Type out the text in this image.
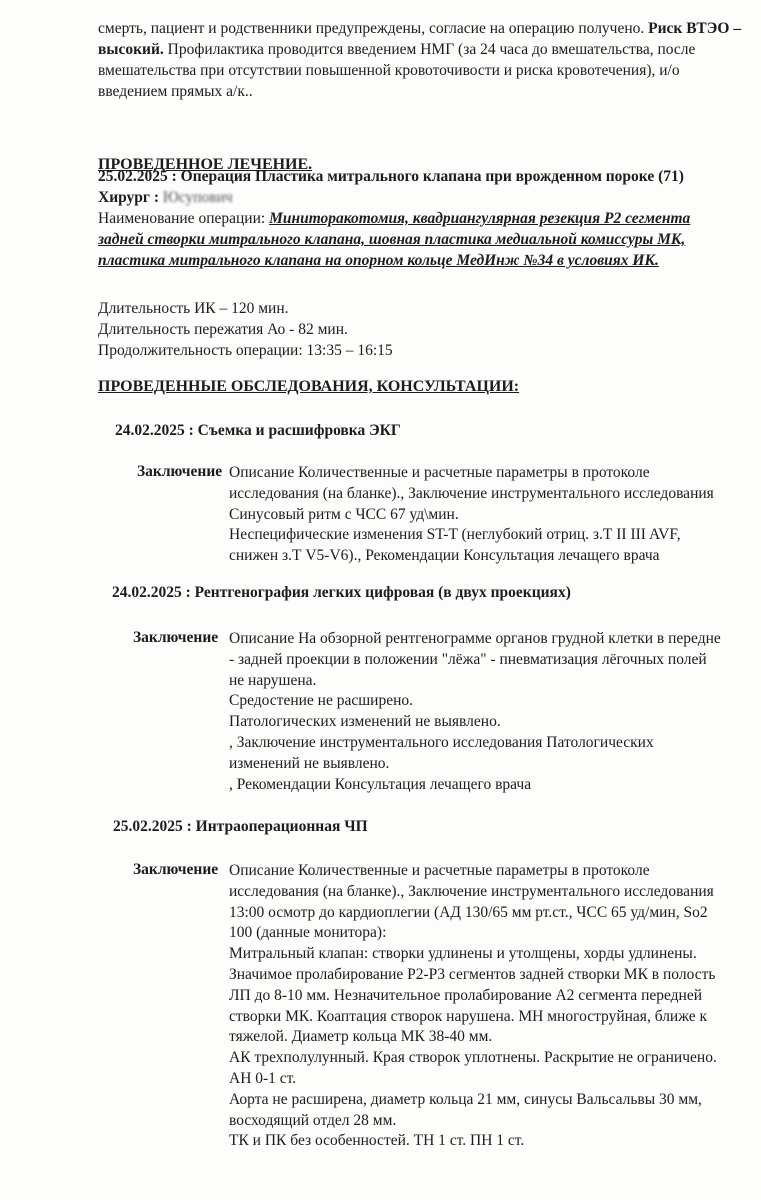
смерть, пациент и родственники предупреждены, согласие на операцию получено. Риск ВТЭО – высокий. Профилактика проводится введением НМГ (за 24 часа до вмешательства, после вмешательства при отсутствии повышенной кровоточивости и риска кровотечения), и/о введением прямых а/к..
ПРОВЕДЕННОЕ ЛЕЧЕНИЕ.
25.02.2025 : Операция Пластика митрального клапана при врожденном пороке (71)
Хирург : Юсупович
Наименование операции: Миниторакотомия, квадриангулярная резекция Р2 сегмента
задней створки митрального клапана, шовная пластика медиальной комиссуры МК,
пластика митрального клапана на опорном кольце МедИнж №34 в условиях ИК.
Длительность ИК – 120 мин.
Длительность пережатия Ао - 82 мин.
Продолжительность операции: 13:35 – 16:15
ПРОВЕДЕННЫЕ ОБСЛЕДОВАНИЯ, КОНСУЛЬТАЦИИ:
24.02.2025 : Съемка и расшифровка ЭКГ
Заключение Описание Количественные и расчетные параметры в протоколе
исследования (на бланке)., Заключение инструментального исследования
Синусовый ритм с ЧСС 67 уд\мин.
Неспецифические изменения ST-T (неглубокий отриц. з.Т II III AVF,
снижен з.Т V5-V6)., Рекомендации Консультация лечащего врача
24.02.2025 : Рентгенография легких цифровая (в двух проекциях)
Заключение Описание На обзорной рентгенограмме органов грудной клетки в передне
- задней проекции в положении "лёжа" - пневматизация лёгочных полей
не нарушена.
Средостение не расширено.
Патологических изменений не выявлено.
, Заключение инструментального исследования Патологических
изменений не выявлено.
, Рекомендации Консультация лечащего врача
25.02.2025 : Интраоперационная ЧП
Заключение Описание Количественные и расчетные параметры в протоколе
исследования (на бланке)., Заключение инструментального исследования
13:00 осмотр до кардиоплегии (АД 130/65 мм рт.ст., ЧСС 65 уд/мин, So2
100 (данные монитора):
Митральный клапан: створки удлинены и утолщены, хорды удлинены.
Значимое пролабирование Р2-Р3 сегментов задней створки МК в полость
ЛП до 8-10 мм. Незначительное пролабирование А2 сегмента передней
створки МК. Коаптация створок нарушена. МН многоструйная, ближе к
тяжелой. Диаметр кольца МК 38-40 мм.
АК трехполулунный. Края створок уплотнены. Раскрытие не ограничено.
АН 0-1 ст.
Аорта не расширена, диаметр кольца 21 мм, синусы Вальсальвы 30 мм,
восходящий отдел 28 мм.
ТК и ПК без особенностей. ТН 1 ст. ПН 1 ст.
